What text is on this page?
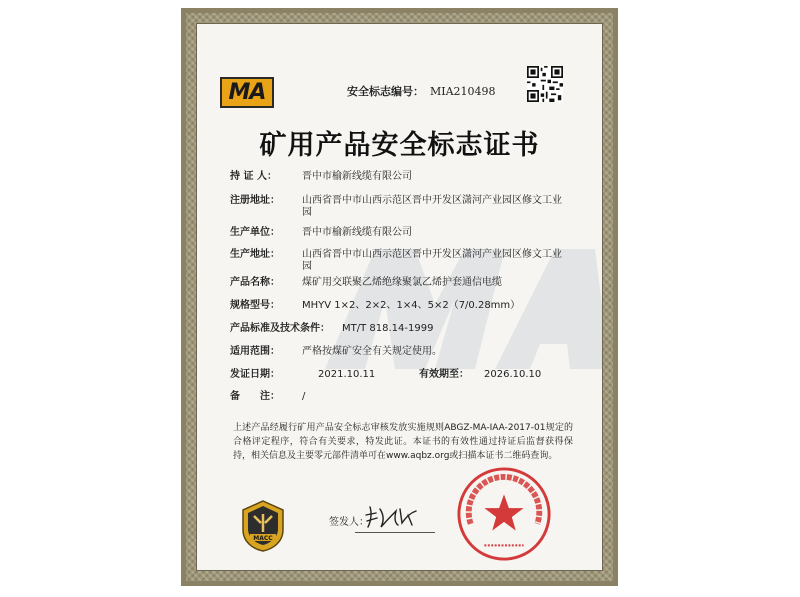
MA	安全标志编号： MIA210498
矿用产品安全标志证书
持 证 人：	晋中市榆新线缆有限公司
注册地址： 山西省晋中市山西示范区晋中开发区潇河产业园区修文工业园
生产单位： 晋中市榆新线缆有限公司
生产地址： 山西省晋中市山西示范区晋中开发区潇河产业园区修文工业园
产品名称： 煤矿用交联聚乙烯绝缘聚氯乙烯护套通信电缆
规格型号： MHYV 1×2、2×2、1×4、5×2（7/0.28mm）
产品标准及技术条件： MT/T 818.14-1999
适用范围： 严格按煤矿安全有关规定使用。
发证日期：	2021.10.11	有效期至： 2026.10.10
备　　注： /
上述产品经履行矿用产品安全标志审核发放实施规则ABGZ-MA-IAA-2017-01规定的合格评定程序，符合有关要求，特发此证。本证书的有效性通过持证后监督获得保持，相关信息及主要零元部件清单可在www.aqbz.org或扫描本证书二维码查询。
MACC
签发人：
